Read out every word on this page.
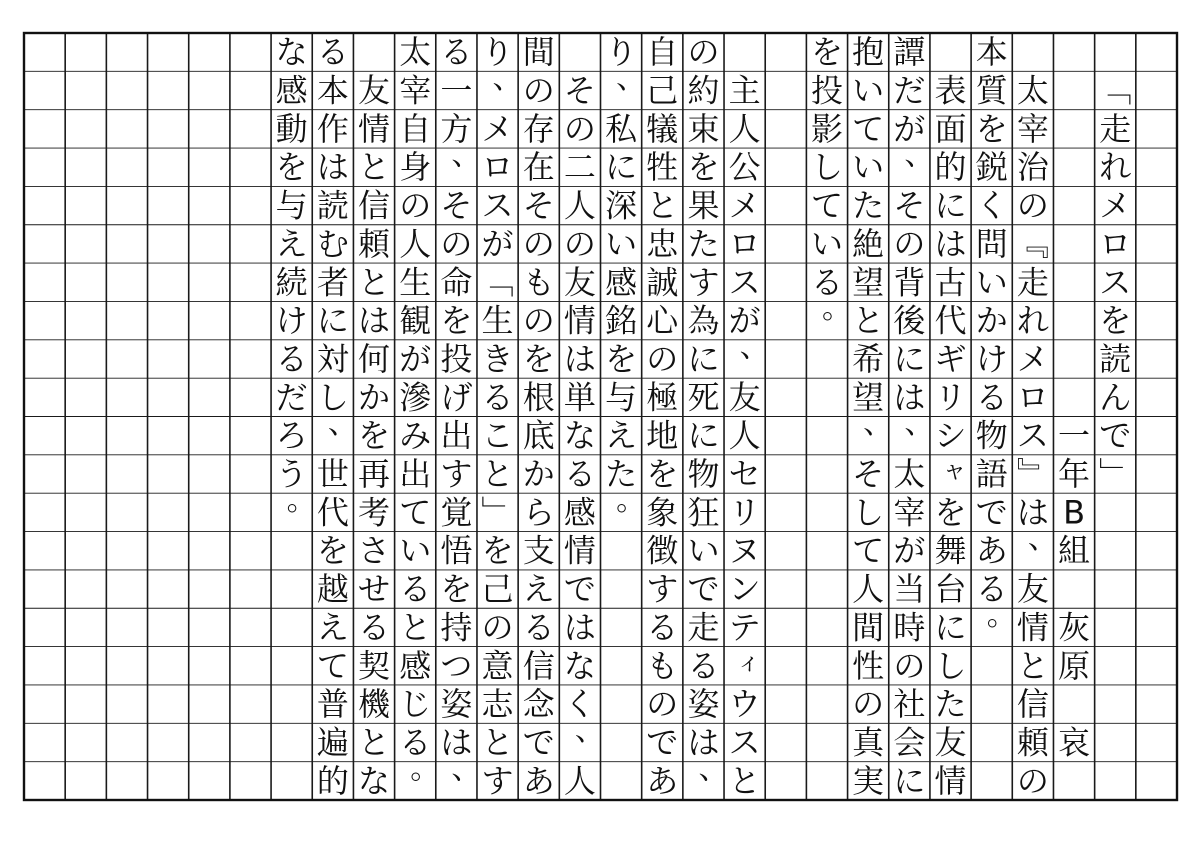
﹁
走
れ
メ
ロ
ス
を
読
ん
で
﹂
一
年
B
組
灰
原
哀
太
宰
治
の
﹃
走
れ
メ
ロ
ス
﹄
は
、
友
情
と
信
頼
の
本
質
を
鋭
く
問
い
か
け
る
物
語
で
あ
る
。
表
面
的
に
は
古
代
ギ
リ
シ
ャ
を
舞
台
に
し
た
友
情
譚
だ
が
、
そ
の
背
後
に
は
、
太
宰
が
当
時
の
社
会
に
抱
い
て
い
た
絶
望
と
希
望
、
そ
し
て
人
間
性
の
真
実
を
投
影
し
て
い
る
。
主
人
公
メ
ロ
ス
が
、
友
人
セ
リ
ヌ
ン
テ
ィ
ウ
ス
と
の
約
束
を
果
た
す
為
に
死
に
物
狂
い
で
走
る
姿
は
、
自
己
犠
牲
と
忠
誠
心
の
極
地
を
象
徴
す
る
も
の
で
あ
り
、
私
に
深
い
感
銘
を
与
え
た
。
そ
の
二
人
の
友
情
は
単
な
る
感
情
で
は
な
く
、
人
間
の
存
在
そ
の
も
の
を
根
底
か
ら
支
え
る
信
念
で
あ
り
、
メ
ロ
ス
が
﹁
生
き
る
こ
と
﹂
を
己
の
意
志
と
す
る
一
方
、
そ
の
命
を
投
げ
出
す
覚
悟
を
持
つ
姿
は
、
太
宰
自
身
の
人
生
観
が
滲
み
出
て
い
る
と
感
じ
る
。
友
情
と
信
頼
と
は
何
か
を
再
考
さ
せ
る
契
機
と
な
る
本
作
は
読
む
者
に
対
し
、
世
代
を
越
え
て
普
遍
的
な
感
動
を
与
え
続
け
る
だ
ろ
う
。
